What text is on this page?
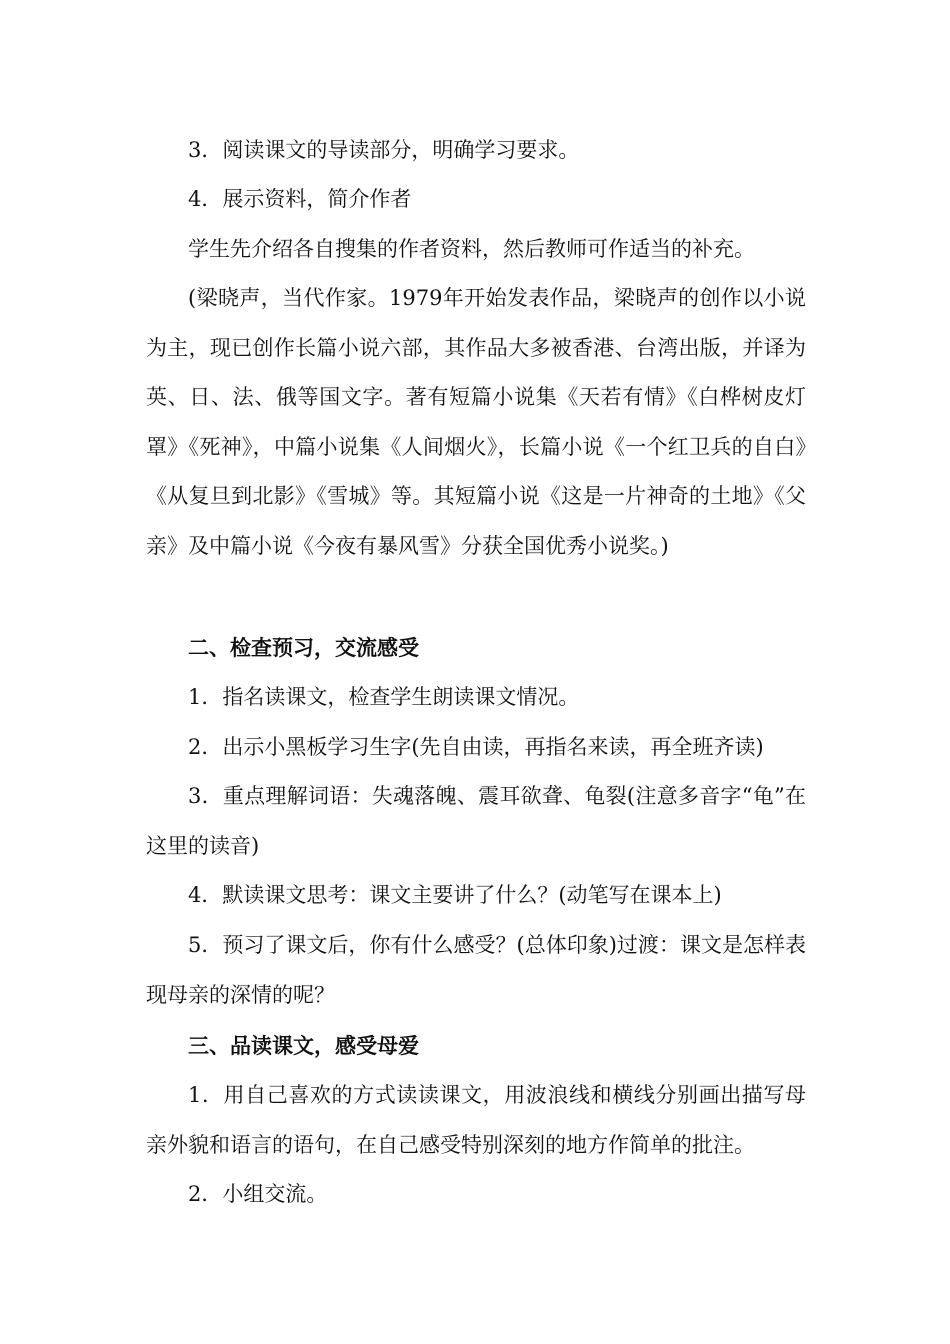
3．阅读课文的导读部分，明确学习要求。

4．展示资料，简介作者

学生先介绍各自搜集的作者资料，然后教师可作适当的补充。

(梁晓声，当代作家。1979年开始发表作品，梁晓声的创作以小说为主，现已创作长篇小说六部，其作品大多被香港、台湾出版，并译为英、日、法、俄等国文字。著有短篇小说集《天若有情》《白桦树皮灯罩》《死神》，中篇小说集《人间烟火》，长篇小说《一个红卫兵的自白》《从复旦到北影》《雪城》等。其短篇小说《这是一片神奇的土地》《父亲》及中篇小说《今夜有暴风雪》分获全国优秀小说奖。)

二、检查预习，交流感受

1．指名读课文，检查学生朗读课文情况。

2．出示小黑板学习生字(先自由读，再指名来读，再全班齐读)

3．重点理解词语：失魂落魄、震耳欲聋、龟裂(注意多音字“龟”在这里的读音)

4．默读课文思考：课文主要讲了什么？(动笔写在课本上)

5．预习了课文后，你有什么感受？(总体印象)过渡：课文是怎样表现母亲的深情的呢？

三、品读课文，感受母爱

1．用自己喜欢的方式读读课文，用波浪线和横线分别画出描写母亲外貌和语言的语句，在自己感受特别深刻的地方作简单的批注。

2．小组交流。
